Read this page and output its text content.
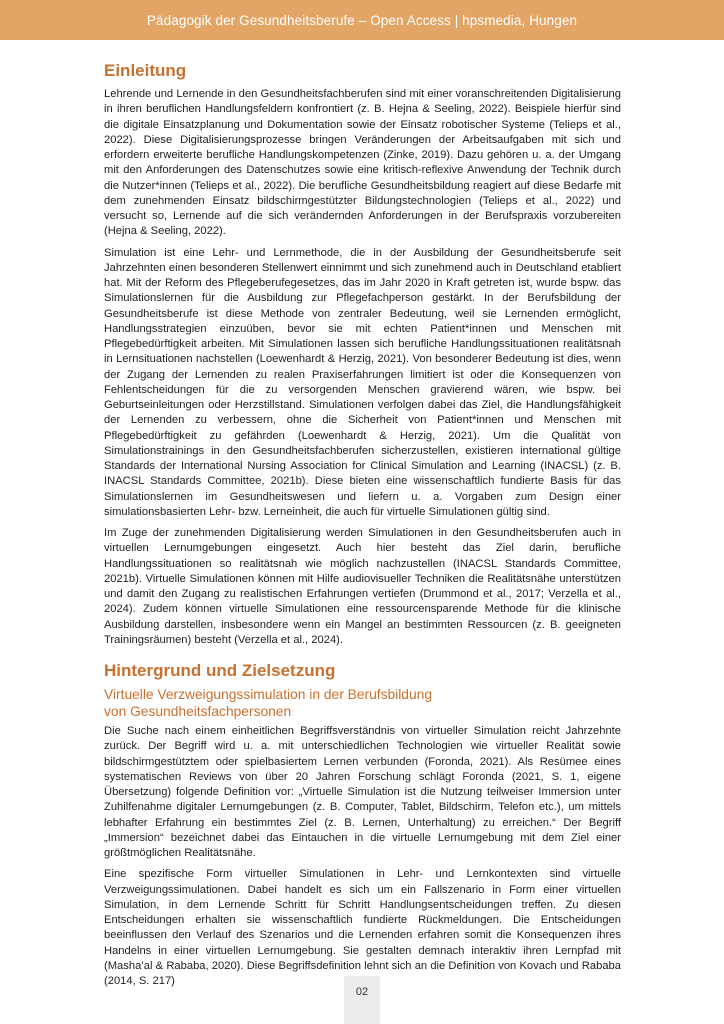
Pädagogik der Gesundheitsberufe – Open Access | hpsmedia, Hungen
Einleitung

Lehrende und Lernende in den Gesundheitsfachberufen sind mit einer voranschreitenden Digitalisierung in ihren beruflichen Handlungsfeldern konfrontiert (z. B. Hejna & Seeling, 2022). Beispiele hierfür sind die digitale Einsatzplanung und Dokumentation sowie der Einsatz robotischer Systeme (Telieps et al., 2022). Diese Digitalisierungsprozesse bringen Veränderungen der Arbeitsaufgaben mit sich und erfordern erweiterte berufliche Handlungskompetenzen (Zinke, 2019). Dazu gehören u. a. der Umgang mit den Anforderungen des Datenschutzes sowie eine kritisch-reflexive Anwendung der Technik durch die Nutzer*innen (Telieps et al., 2022). Die berufliche Gesundheitsbildung reagiert auf diese Bedarfe mit dem zunehmenden Einsatz bildschirmgestützter Bildungstechnologien (Telieps et al., 2022) und versucht so, Lernende auf die sich verändernden Anforderungen in der Berufspraxis vorzubereiten (Hejna & Seeling, 2022).

Simulation ist eine Lehr- und Lernmethode, die in der Ausbildung der Gesundheitsberufe seit Jahrzehnten einen besonderen Stellenwert einnimmt und sich zunehmend auch in Deutschland etabliert hat. Mit der Reform des Pflegeberufegesetzes, das im Jahr 2020 in Kraft getreten ist, wurde bspw. das Simulationslernen für die Ausbildung zur Pflegefachperson gestärkt. In der Berufsbildung der Gesundheitsberufe ist diese Methode von zentraler Bedeutung, weil sie Lernenden ermöglicht, Handlungsstrategien einzuüben, bevor sie mit echten Patient*innen und Menschen mit Pflegebedürftigkeit arbeiten. Mit Simulationen lassen sich berufliche Handlungssituationen realitätsnah in Lernsituationen nachstellen (Loewenhardt & Herzig, 2021). Von besonderer Bedeutung ist dies, wenn der Zugang der Lernenden zu realen Praxiserfahrungen limitiert ist oder die Konsequenzen von Fehlentscheidungen für die zu versorgenden Menschen gravierend wären, wie bspw. bei Geburtseinleitungen oder Herzstillstand. Simulationen verfolgen dabei das Ziel, die Handlungsfähigkeit der Lernenden zu verbessern, ohne die Sicherheit von Patient*innen und Menschen mit Pflegebedürftigkeit zu gefährden (Loewenhardt & Herzig, 2021). Um die Qualität von Simulationstrainings in den Gesundheitsfachberufen sicherzustellen, existieren international gültige Standards der International Nursing Association for Clinical Simulation and Learning (INACSL) (z. B. INACSL Standards Committee, 2021b). Diese bieten eine wissenschaftlich fundierte Basis für das Simulationslernen im Gesundheitswesen und liefern u. a. Vorgaben zum Design einer simulationsbasierten Lehr- bzw. Lerneinheit, die auch für virtuelle Simulationen gültig sind.

Im Zuge der zunehmenden Digitalisierung werden Simulationen in den Gesundheitsberufen auch in virtuellen Lernumgebungen eingesetzt. Auch hier besteht das Ziel darin, berufliche Handlungssituationen so realitätsnah wie möglich nachzustellen (INACSL Standards Committee, 2021b). Virtuelle Simulationen können mit Hilfe audiovisueller Techniken die Realitätsnähe unterstützen und damit den Zugang zu realistischen Erfahrungen vertiefen (Drummond et al., 2017; Verzella et al., 2024). Zudem können virtuelle Simulationen eine ressourcensparende Methode für die klinische Ausbildung darstellen, insbesondere wenn ein Mangel an bestimmten Ressourcen (z. B. geeigneten Trainingsräumen) besteht (Verzella et al., 2024).

Hintergrund und Zielsetzung
Virtuelle Verzweigungssimulation in der Berufsbildung
von Gesundheitsfachpersonen

Die Suche nach einem einheitlichen Begriffsverständnis von virtueller Simulation reicht Jahrzehnte zurück. Der Begriff wird u. a. mit unterschiedlichen Technologien wie virtueller Realität sowie bildschirmgestütztem oder spielbasiertem Lernen verbunden (Foronda, 2021). Als Resümee eines systematischen Reviews von über 20 Jahren Forschung schlägt Foronda (2021, S. 1, eigene Übersetzung) folgende Definition vor: „Virtuelle Simulation ist die Nutzung teilweiser Immersion unter Zuhilfenahme digitaler Lernumgebungen (z. B. Computer, Tablet, Bildschirm, Telefon etc.), um mittels lebhafter Erfahrung ein bestimmtes Ziel (z. B. Lernen, Unterhaltung) zu erreichen.“ Der Begriff „Immersion“ bezeichnet dabei das Eintauchen in die virtuelle Lernumgebung mit dem Ziel einer größtmöglichen Realitätsnähe.

Eine spezifische Form virtueller Simulationen in Lehr- und Lernkontexten sind virtuelle Verzweigungssimulationen. Dabei handelt es sich um ein Fallszenario in Form einer virtuellen Simulation, in dem Lernende Schritt für Schritt Handlungsentscheidungen treffen. Zu diesen Entscheidungen erhalten sie wissenschaftlich fundierte Rückmeldungen. Die Entscheidungen beeinflussen den Verlauf des Szenarios und die Lernenden erfahren somit die Konsequenzen ihres Handelns in einer virtuellen Lernumgebung. Sie gestalten demnach interaktiv ihren Lernpfad mit (Masha’al & Rababa, 2020). Diese Begriffsdefinition lehnt sich an die Definition von Kovach und Rababa (2014, S. 217)

02
